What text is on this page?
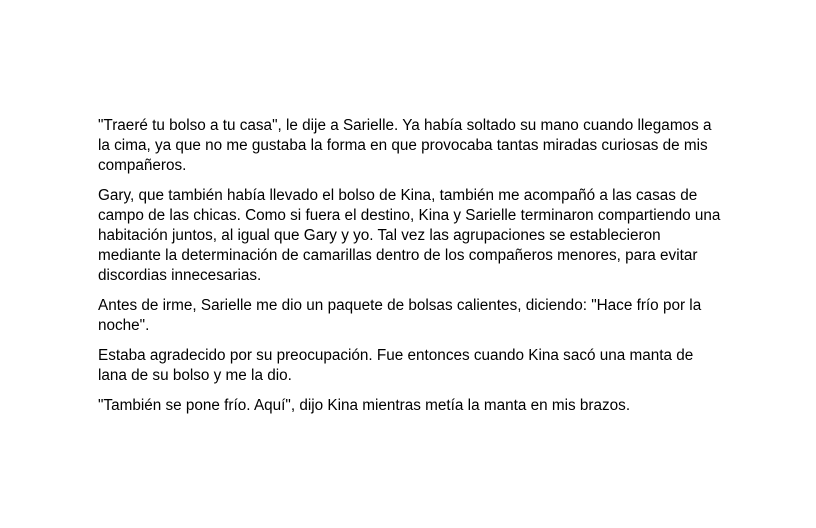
"Traeré tu bolso a tu casa", le dije a Sarielle. Ya había soltado su mano cuando llegamos a la cima, ya que no me gustaba la forma en que provocaba tantas miradas curiosas de mis compañeros.

Gary, que también había llevado el bolso de Kina, también me acompañó a las casas de campo de las chicas. Como si fuera el destino, Kina y Sarielle terminaron compartiendo una habitación juntos, al igual que Gary y yo. Tal vez las agrupaciones se establecieron mediante la determinación de camarillas dentro de los compañeros menores, para evitar discordias innecesarias.

Antes de irme, Sarielle me dio un paquete de bolsas calientes, diciendo: "Hace frío por la noche".

Estaba agradecido por su preocupación. Fue entonces cuando Kina sacó una manta de lana de su bolso y me la dio.

"También se pone frío. Aquí", dijo Kina mientras metía la manta en mis brazos.
